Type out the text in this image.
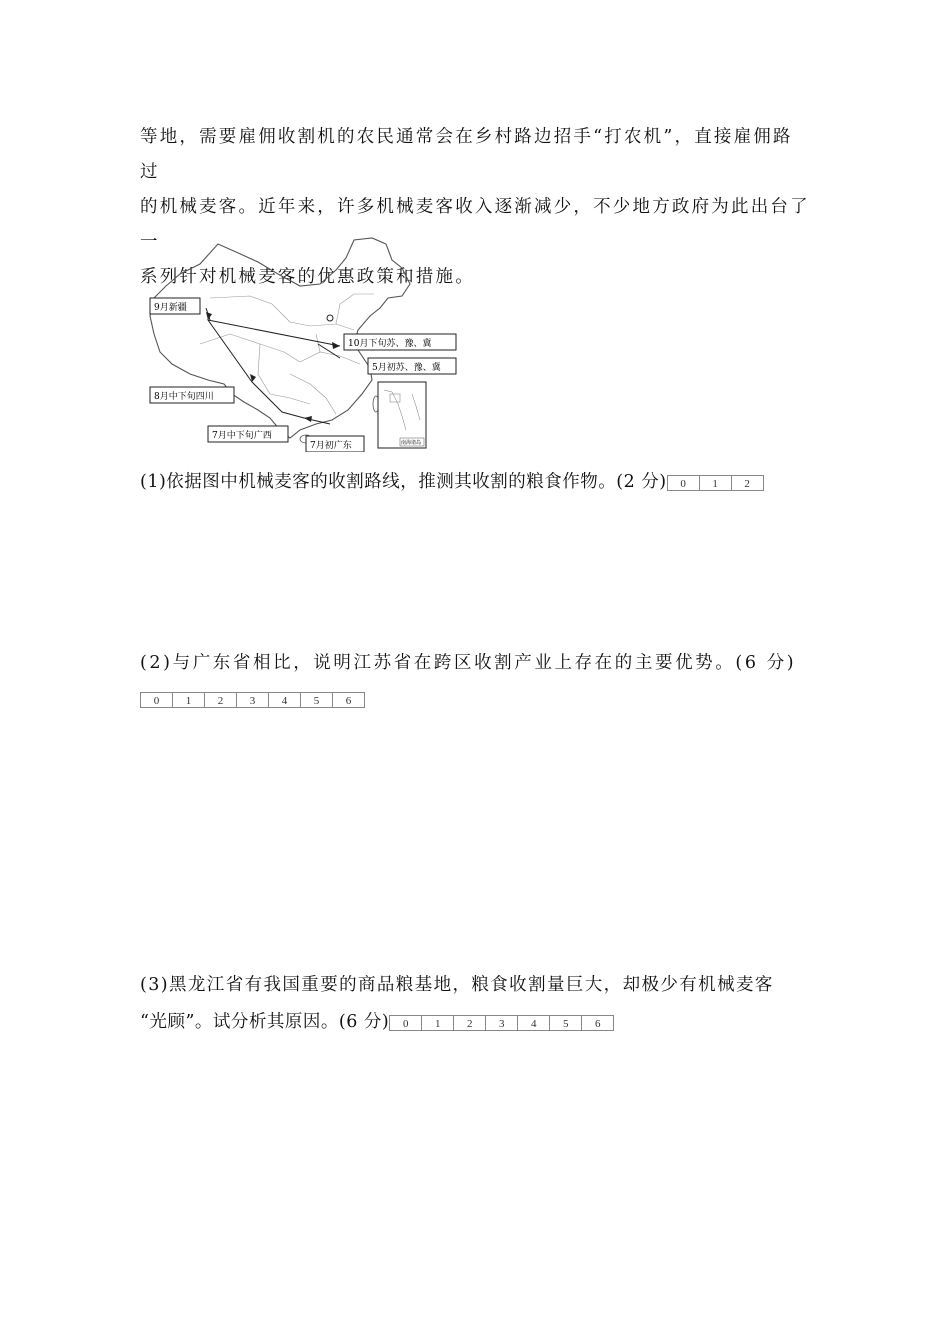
等地，需要雇佣收割机的农民通常会在乡村路边招手“打农机”，直接雇佣路过
的机械麦客。近年来，许多机械麦客收入逐渐减少，不少地方政府为此出台了一
系列针对机械麦客的优惠政策和措施。

9月新疆
10月下旬苏、豫、冀
5月初苏、豫、冀
8月中下旬四川
7月中下旬广西
7月初广东	南海诸岛

(1)依据图中机械麦客的收割路线，推测其收割的粮食作物。(2 分)	0	1	2

(2)与广东省相比，说明江苏省在跨区收割产业上存在的主要优势。(6 分)

0	1	2	3	4	5	6

(3)黑龙江省有我国重要的商品粮基地，粮食收割量巨大，却极少有机械麦客

“光顾”。试分析其原因。(6 分)	0	1	2	3	4	5	6
